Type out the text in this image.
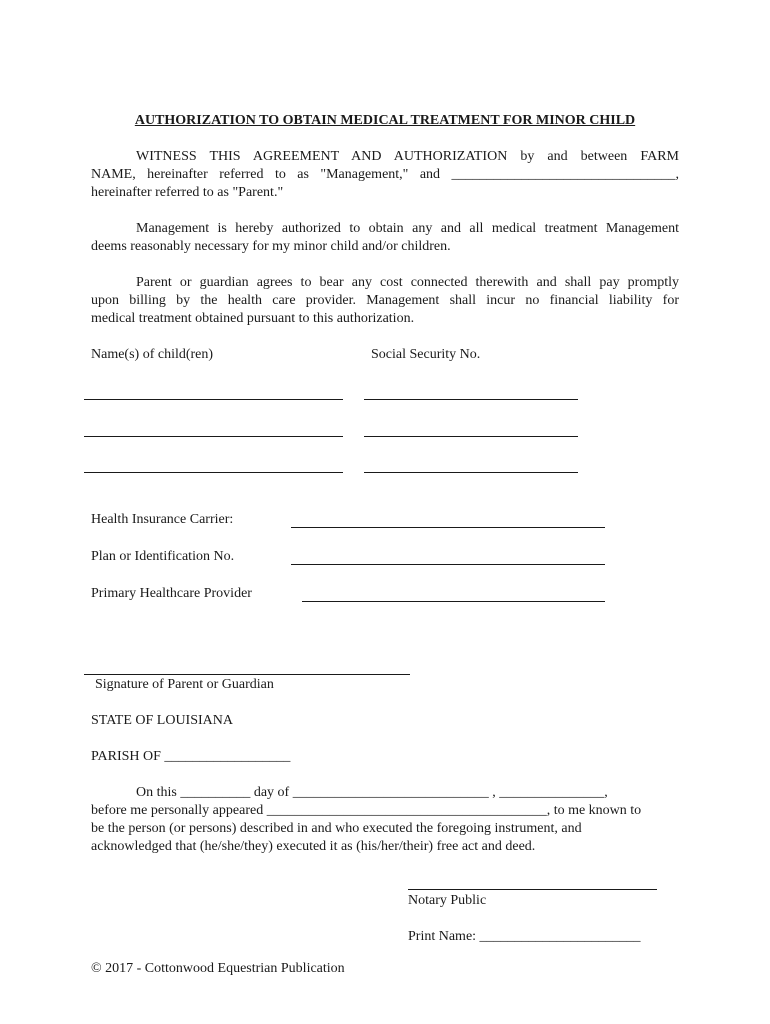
AUTHORIZATION TO OBTAIN MEDICAL TREATMENT FOR MINOR CHILD
WITNESS THIS AGREEMENT AND AUTHORIZATION by and between FARM
NAME, hereinafter referred to as "Management," and ________________________________,
hereinafter referred to as "Parent."
Management is hereby authorized to obtain any and all medical treatment Management
deems reasonably necessary for my minor child and/or children.
Parent or guardian agrees to bear any cost connected therewith and shall pay promptly
upon billing by the health care provider. Management shall incur no financial liability for
medical treatment obtained pursuant to this authorization.
Name(s) of child(ren)	Social Security No.
Health Insurance Carrier:
Plan or Identification No.
Primary Healthcare Provider
Signature of Parent or Guardian
STATE OF LOUISIANA
PARISH OF __________________
On this __________ day of ____________________________ , _______________,
before me personally appeared ________________________________________, to me known to
be the person (or persons) described in and who executed the foregoing instrument, and
acknowledged that (he/she/they) executed it as (his/her/their) free act and deed.
Notary Public
Print Name: _______________________
© 2017 - Cottonwood Equestrian Publication
